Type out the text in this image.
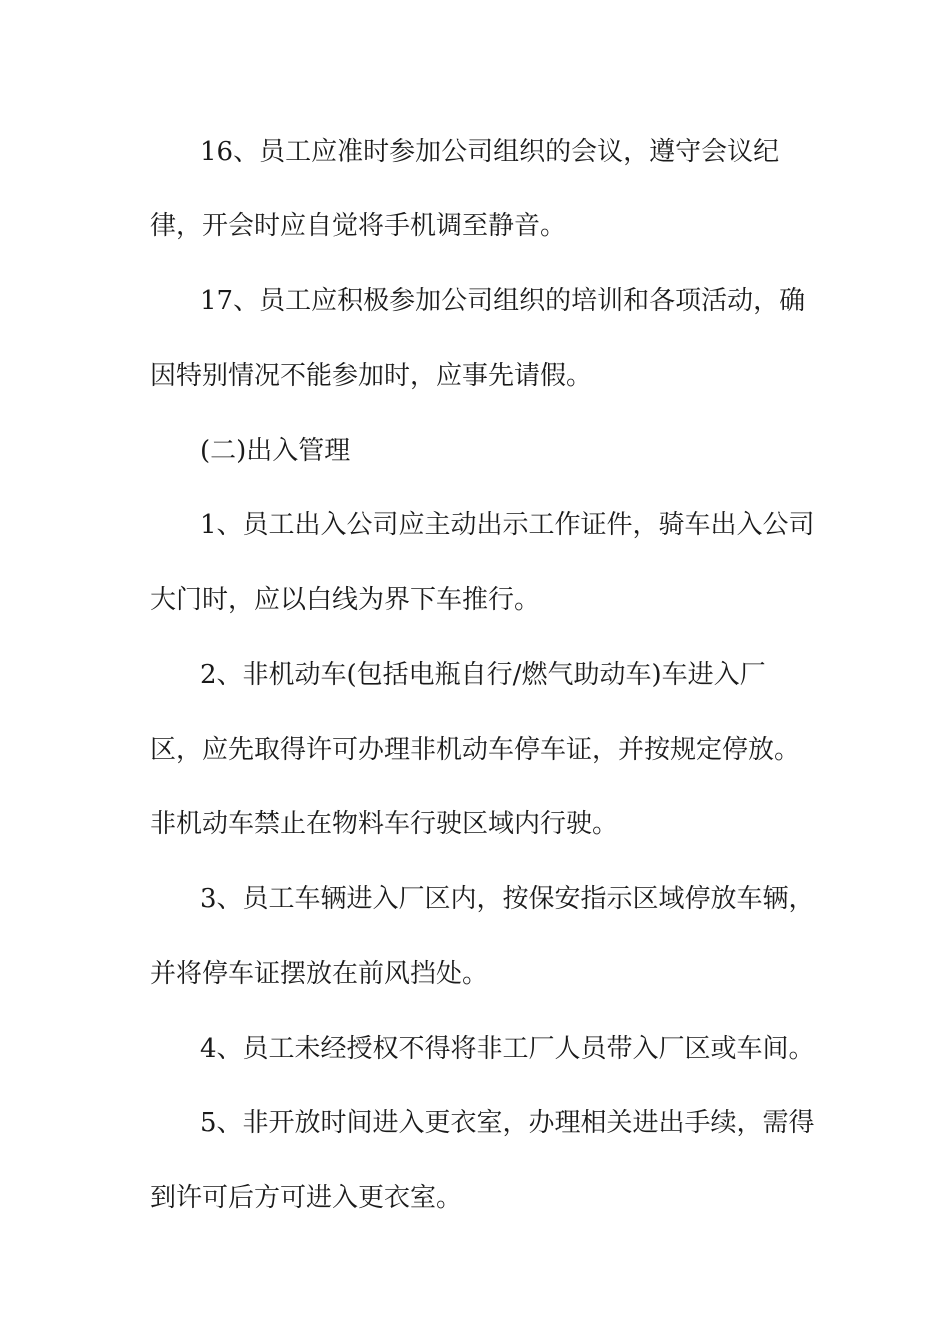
16、员工应准时参加公司组织的会议，遵守会议纪
律，开会时应自觉将手机调至静音。
17、员工应积极参加公司组织的培训和各项活动，确
因特别情况不能参加时，应事先请假。
(二)出入管理
1、员工出入公司应主动出示工作证件，骑车出入公司
大门时，应以白线为界下车推行。
2、非机动车(包括电瓶自行/燃气助动车)车进入厂
区，应先取得许可办理非机动车停车证，并按规定停放。
非机动车禁止在物料车行驶区域内行驶。
3、员工车辆进入厂区内，按保安指示区域停放车辆，
并将停车证摆放在前风挡处。
4、员工未经授权不得将非工厂人员带入厂区或车间。
5、非开放时间进入更衣室，办理相关进出手续，需得
到许可后方可进入更衣室。
